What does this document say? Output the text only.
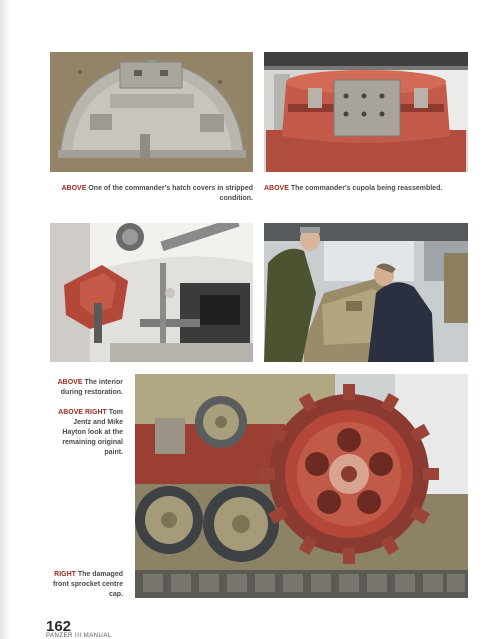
ABOVE One of the commander's hatch covers in stripped condition.
ABOVE The commander's cupola being reassembled.
ABOVE The interior during restoration.
ABOVE RIGHT Tom Jentz and Mike Hayton look at the remaining original paint.
RIGHT The damaged front sprocket centre cap.
162
PANZER III MANUAL
